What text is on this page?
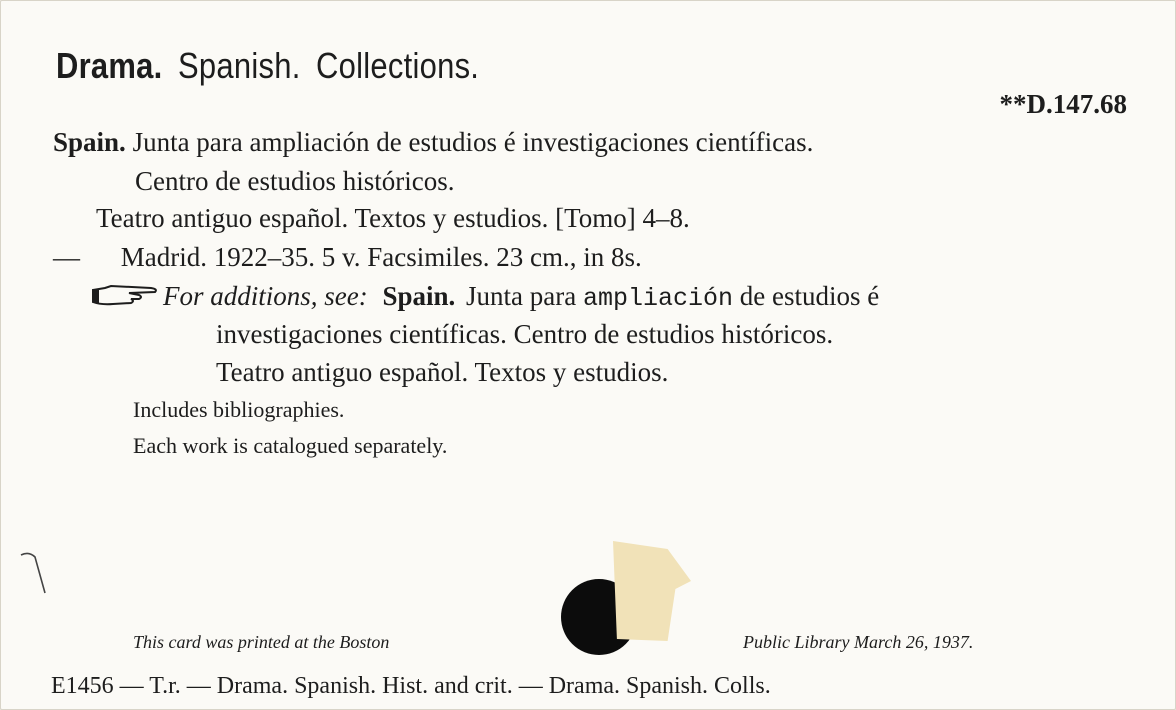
Drama. Spanish. Collections.
**D.147.68
Spain. Junta para ampliación de estudios é investigaciones científicas.
Centro de estudios históricos.
Teatro antiguo español. Textos y estudios. [Tomo] 4–8.
— Madrid. 1922–35. 5 v. Facsimiles. 23 cm., in 8s.
For additions, see: Spain. Junta para ampliación de estudios é
investigaciones científicas. Centro de estudios históricos.
Teatro antiguo español. Textos y estudios.
Includes bibliographies.
Each work is catalogued separately.
This card was printed at the Boston	Public Library March 26, 1937.
E1456 — T.r. — Drama. Spanish. Hist. and crit. — Drama. Spanish. Colls.
